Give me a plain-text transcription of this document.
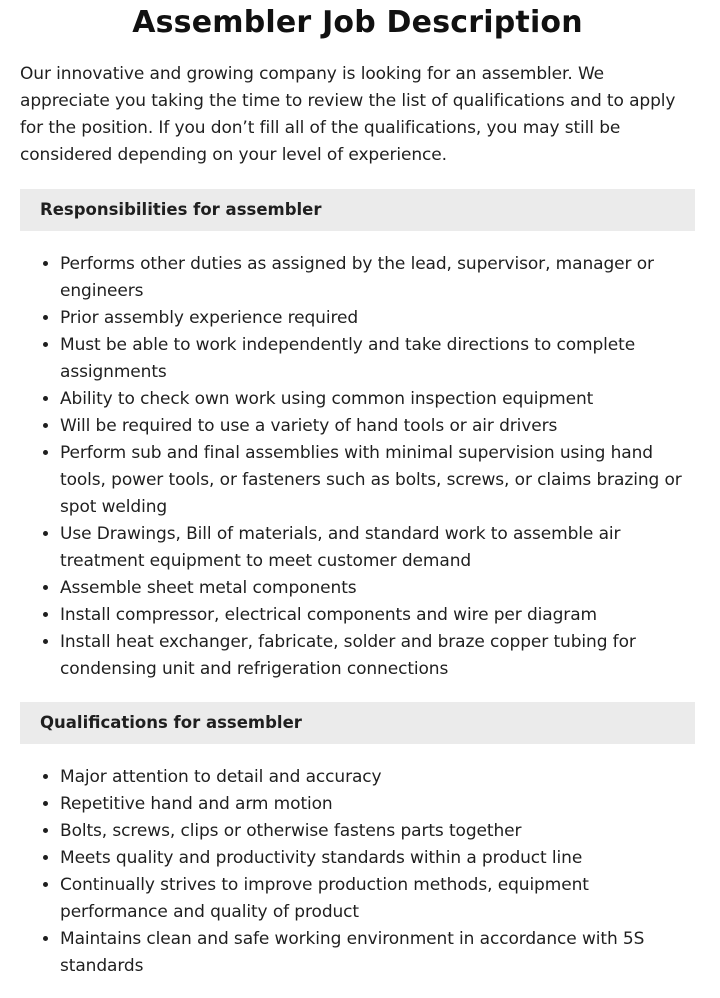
Assembler Job Description

Our innovative and growing company is looking for an assembler. We appreciate you taking the time to review the list of qualifications and to apply for the position. If you don’t fill all of the qualifications, you may still be considered depending on your level of experience.

Responsibilities for assembler
• Performs other duties as assigned by the lead, supervisor, manager or engineers
• Prior assembly experience required
• Must be able to work independently and take directions to complete assignments
• Ability to check own work using common inspection equipment
• Will be required to use a variety of hand tools or air drivers
• Perform sub and final assemblies with minimal supervision using hand tools, power tools, or fasteners such as bolts, screws, or claims brazing or spot welding
• Use Drawings, Bill of materials, and standard work to assemble air treatment equipment to meet customer demand
• Assemble sheet metal components
• Install compressor, electrical components and wire per diagram
• Install heat exchanger, fabricate, solder and braze copper tubing for condensing unit and refrigeration connections
Qualifications for assembler
• Major attention to detail and accuracy
• Repetitive hand and arm motion
• Bolts, screws, clips or otherwise fastens parts together
• Meets quality and productivity standards within a product line
• Continually strives to improve production methods, equipment performance and quality of product
• Maintains clean and safe working environment in accordance with 5S standards
